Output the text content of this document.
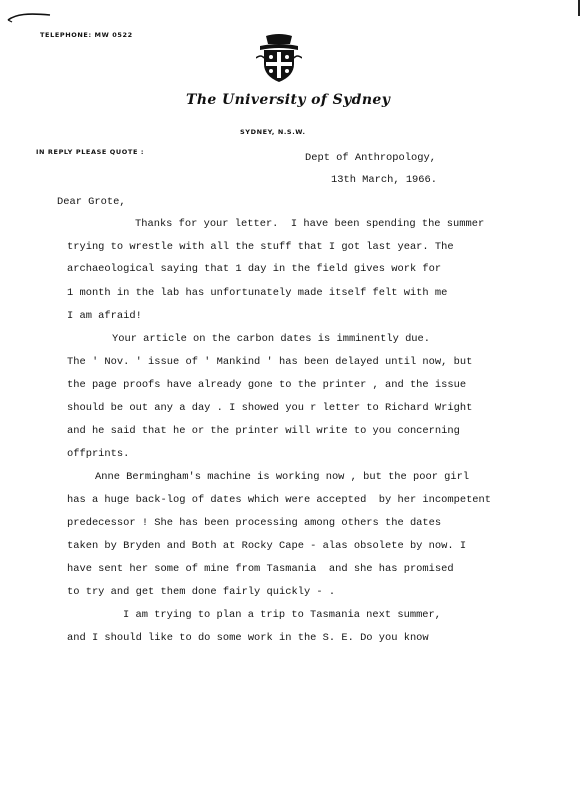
TELEPHONE: MW 0522
The University of Sydney
SYDNEY, N.S.W.
IN REPLY PLEASE QUOTE :	Dept of Anthropology,
13th March, 1966.
Dear Grote,
Thanks for your letter.  I have been spending the summer
trying to wrestle with all the stuff that I got last year. The
archaeological saying that 1 day in the field gives work for
1 month in the lab has unfortunately made itself felt with me
I am afraid!
Your article on the carbon dates is imminently due.
The ' Nov. ' issue of ' Mankind ' has been delayed until now, but
the page proofs have already gone to the printer , and the issue
should be out any a day . I showed you r letter to Richard Wright
and he said that he or the printer will write to you concerning
offprints.
Anne Bermingham's machine is working now , but the poor girl
has a huge back-log of dates which were accepted  by her incompetent
predecessor ! She has been processing among others the dates
taken by Bryden and Both at Rocky Cape - alas obsolete by now. I
have sent her some of mine from Tasmania  and she has promised
to try and get them done fairly quickly - .
I am trying to plan a trip to Tasmania next summer,
and I should like to do some work in the S. E. Do you know
